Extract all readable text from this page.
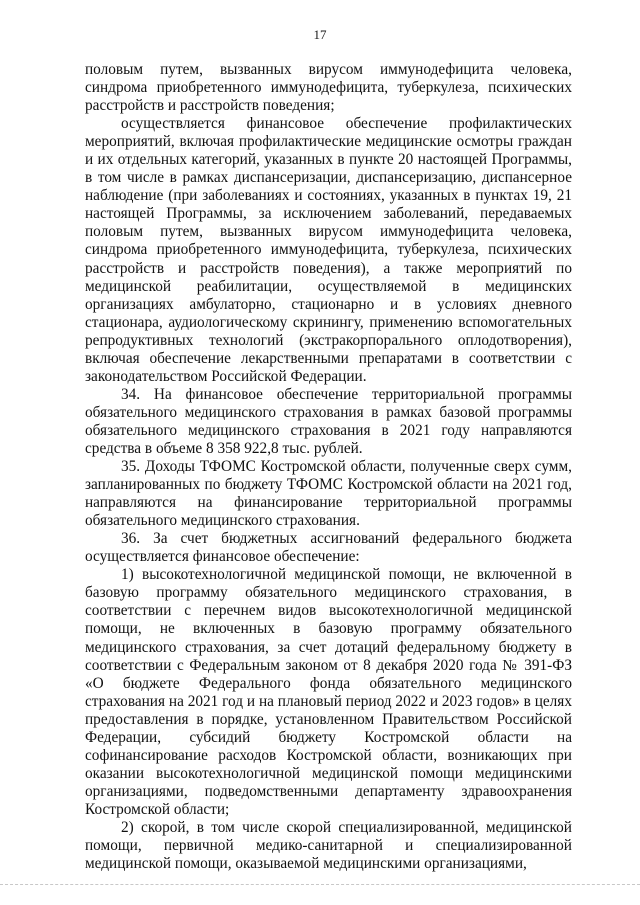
17

половым путем, вызванных вирусом иммунодефицита человека, синдрома приобретенного иммунодефицита, туберкулеза, психических расстройств и расстройств поведения;

осуществляется финансовое обеспечение профилактических мероприятий, включая профилактические медицинские осмотры граждан и их отдельных категорий, указанных в пункте 20 настоящей Программы, в том числе в рамках диспансеризации, диспансеризацию, диспансерное наблюдение (при заболеваниях и состояниях, указанных в пунктах 19, 21 настоящей Программы, за исключением заболеваний, передаваемых половым путем, вызванных вирусом иммунодефицита человека, синдрома приобретенного иммунодефицита, туберкулеза, психических расстройств и расстройств поведения), а также мероприятий по медицинской реабилитации, осуществляемой в медицинских организациях амбулаторно, стационарно и в условиях дневного стационара, аудиологическому скринингу, применению вспомогательных репродуктивных технологий (экстракорпорального оплодотворения), включая обеспечение лекарственными препаратами в соответствии с законодательством Российской Федерации.

34. На финансовое обеспечение территориальной программы обязательного медицинского страхования в рамках базовой программы обязательного медицинского страхования в 2021 году направляются средства в объеме 8 358 922,8 тыс. рублей.

35. Доходы ТФОМС Костромской области, полученные сверх сумм, запланированных по бюджету ТФОМС Костромской области на 2021 год, направляются на финансирование территориальной программы обязательного медицинского страхования.

36. За счет бюджетных ассигнований федерального бюджета осуществляется финансовое обеспечение:

1) высокотехнологичной медицинской помощи, не включенной в базовую программу обязательного медицинского страхования, в соответствии с перечнем видов высокотехнологичной медицинской помощи, не включенных в базовую программу обязательного медицинского страхования, за счет дотаций федеральному бюджету в соответствии с Федеральным законом от 8 декабря 2020 года № 391-ФЗ «О бюджете Федерального фонда обязательного медицинского страхования на 2021 год и на плановый период 2022 и 2023 годов» в целях предоставления в порядке, установленном Правительством Российской Федерации, субсидий бюджету Костромской области на софинансирование расходов Костромской области, возникающих при оказании высокотехнологичной медицинской помощи медицинскими организациями, подведомственными департаменту здравоохранения Костромской области;

2) скорой, в том числе скорой специализированной, медицинской помощи, первичной медико-санитарной и специализированной медицинской помощи, оказываемой медицинскими организациями,
